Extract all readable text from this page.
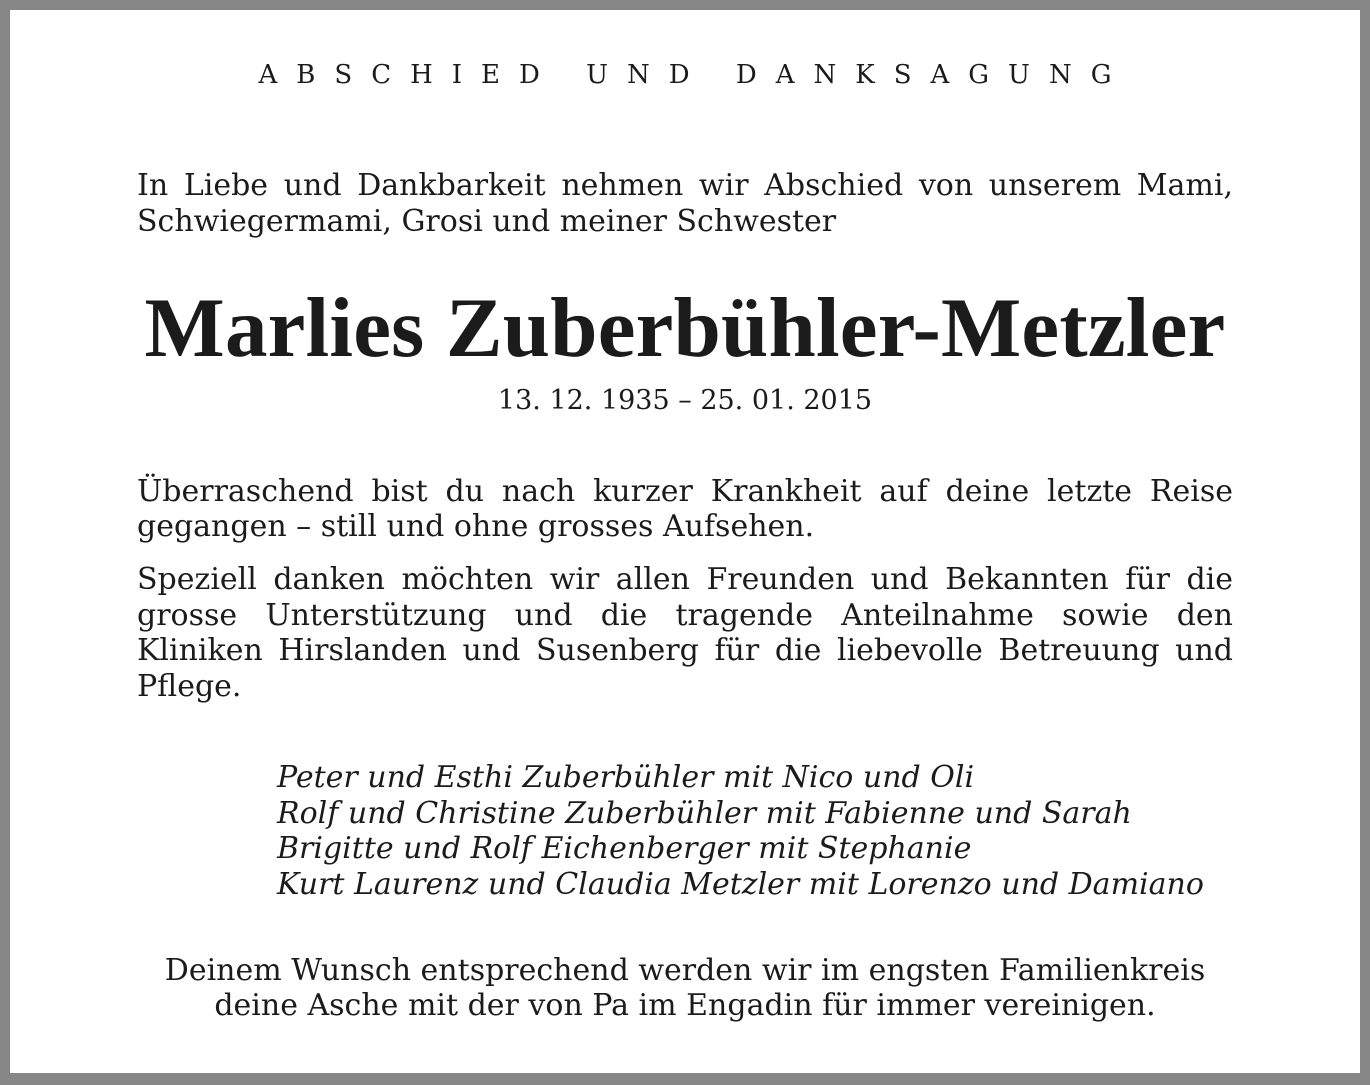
ABSCHIED UND DANKSAGUNG
In Liebe und Dankbarkeit nehmen wir Abschied von unserem Mami,
Schwiegermami, Grosi und meiner Schwester
Marlies Zuberbühler-Metzler
13. 12. 1935 – 25. 01. 2015
Überraschend bist du nach kurzer Krankheit auf deine letzte Reise
gegangen – still und ohne grosses Aufsehen.
Speziell danken möchten wir allen Freunden und Bekannten für die
grosse Unterstützung und die tragende Anteilnahme sowie den
Kliniken Hirslanden und Susenberg für die liebevolle Betreuung und
Pflege.
Peter und Esthi Zuberbühler mit Nico und Oli
Rolf und Christine Zuberbühler mit Fabienne und Sarah
Brigitte und Rolf Eichenberger mit Stephanie
Kurt Laurenz und Claudia Metzler mit Lorenzo und Damiano
Deinem Wunsch entsprechend werden wir im engsten Familienkreis
deine Asche mit der von Pa im Engadin für immer vereinigen.
